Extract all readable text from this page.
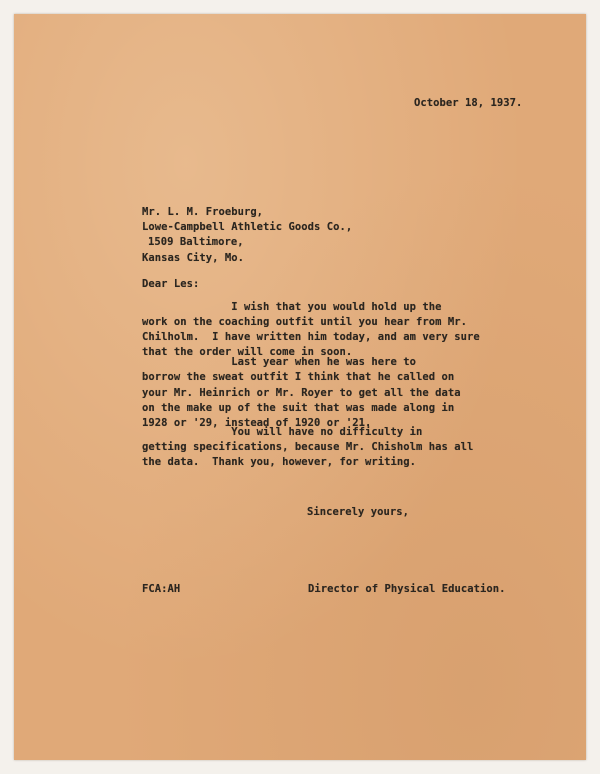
October 18, 1937.

Mr. L. M. Froeburg,

Lowe-Campbell Athletic Goods Co.,

1509 Baltimore,

Kansas City, Mo.

Dear Les:

I wish that you would hold up the

work on the coaching outfit until you hear from Mr.

Chilholm.  I have written him today, and am very sure

that the order will come in soon.

Last year when he was here to

borrow the sweat outfit I think that he called on

your Mr. Heinrich or Mr. Royer to get all the data

on the make up of the suit that was made along in

1928 or '29, instead of 1920 or '21.

You will have no difficulty in

getting specifications, because Mr. Chisholm has all

the data.  Thank you, however, for writing.

Sincerely yours,

FCA:AH	Director of Physical Education.
